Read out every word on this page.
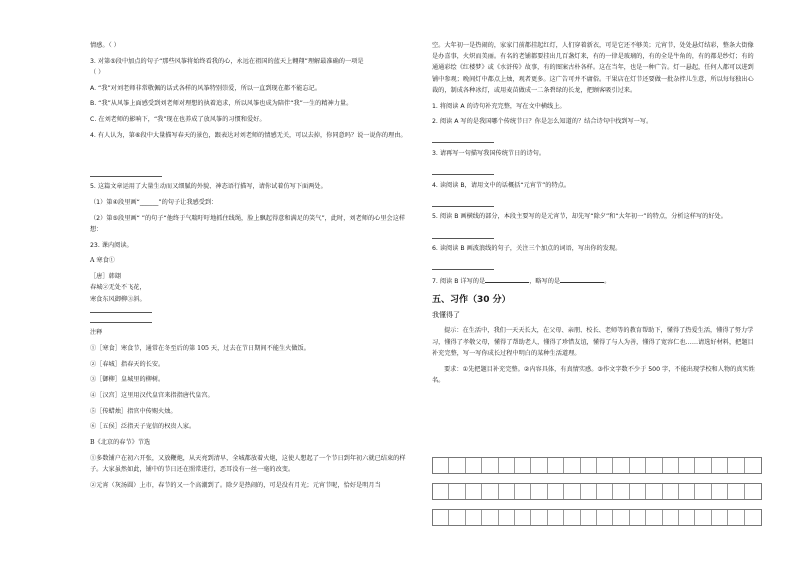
情感。（ ）

3. 对第⑤段中加点的句子“那些风筝将始终看我的心，永远在祖国的蓝天上翱翔”理解最准确的一项是

（ ）

A. “我”对刘老师非常敬佩的话式各样的风筝特别崇爱，所以一直到现在都不能忘记。

B. “我”从风筝上面感受到刘老师对理想的执着追求，所以风筝也成为陪伴“我”一生的精神力量。

C. 在刘老师的影响下，“我”现在也养成了放风筝的习惯和爱好。

4. 有人认为，第⑥段中大量描写春天的景色，跟表达对刘老师的情感无关，可以去掉，你同意吗？说一说你的理由。

5. 这篇文章运用了大量生动而又细腻的外貌、神态语行描写，请你试着仿写下面两处。

（1）第④段里画“______”的句子让我感受到：

（2）第⑤段里画“ ”的句子“他终于气喘吁吁地抓住线绳，脸上飘起得意和满足的笑气”，此时，刘老师的心里会这样想：

23. 课内阅读。

A 寒食①

［唐］韩翃

春城②无处不飞花，

寒食东风御柳③斜。

注释

①［寒食］寒食节，通常在冬至后的第 105 天，过去在节日期间不能生火做饭。

②［春城］指春天的长安。

③［御柳］皇城里的柳树。

④［汉宫］这里用汉代皇宫来指指唐代皇宫。

⑤［传蜡烛］指官中传赐火烛。

⑥［五侯］泛指天子宠信的权贵人家。

B《北京的春节》节选

①多数铺户在初六开张，又放鞭炮，从天亮到清早，全城都放着火炮，这使人想起了一个节日到年初六就已结束的样子。大家虽然如此，铺中的节日还在照常进行，恶耳没有一丝一毫的改变。

②元宵（灰汤圆）上市，春节的又一个高潮到了。除夕是热闹的，可是没有月光；元宵节呢，恰好是明月当

空。大年初一是热闹的，家家门前都挂起红灯，人们穿着新衣，可是它还不够美；元宵节，处处悬灯结彩，整条大街像是办喜事，火炽而美丽。有名的老铺都要挂出几百盏灯来，有的一律是玻璃的，有的全是牛角的，有的都是纱灯；有的通通彩绘《红楼梦》或《水浒传》故事，有的图案古朴各样。这在当年，也是一种广告。灯一悬起，任何人都可以进到铺中参观；晚间灯中都点上烛，观者更多。这广告可并不庸俗。干果店在灯节还要做一批杂拌儿生意，所以每每独出心裁的，制成各种冰灯，或用麦苗做成一二条碧绿的长龙，把顾客吸引过来。

1. 将阅读 A 的诗句补充完整，写在文中横线上。

2. 阅读 A 写的是我国哪个传统节日？你是怎么知道的？结合诗句中找到写一写。

3. 请再写一句描写我国传统节日的诗句。

4. 读阅读 B，请用文中的话概括“元宵节”的特点。

5. 阅读 B 画横线的部分，本段主要写的是元宵节，却先写“除夕”和“大年初一”的特点，分析这样写的好处。

6. 读阅读 B 画波浪线的句子，关注三个加点的词语，写出你的发现。

7. 阅读 B 详写的是	，略写的是	。

五、习作（30 分）

我懂得了

提示：在生活中，我们一天天长大，在父母、亲朋、校长、老师等的教育帮助下，懂得了热爱生活，懂得了努力学习，懂得了孝敬父母，懂得了帮助老人，懂得了珍惜友谊，懂得了与人为善，懂得了宽容仁也……请选好材料，把题目补充完整，写一写你成长过程中明白的某种生活道理。

要求：①先把题目补充完整。②内容具体，有真情实感。③作文字数不少于 500 字，不能出现学校和人物的真实姓名。
